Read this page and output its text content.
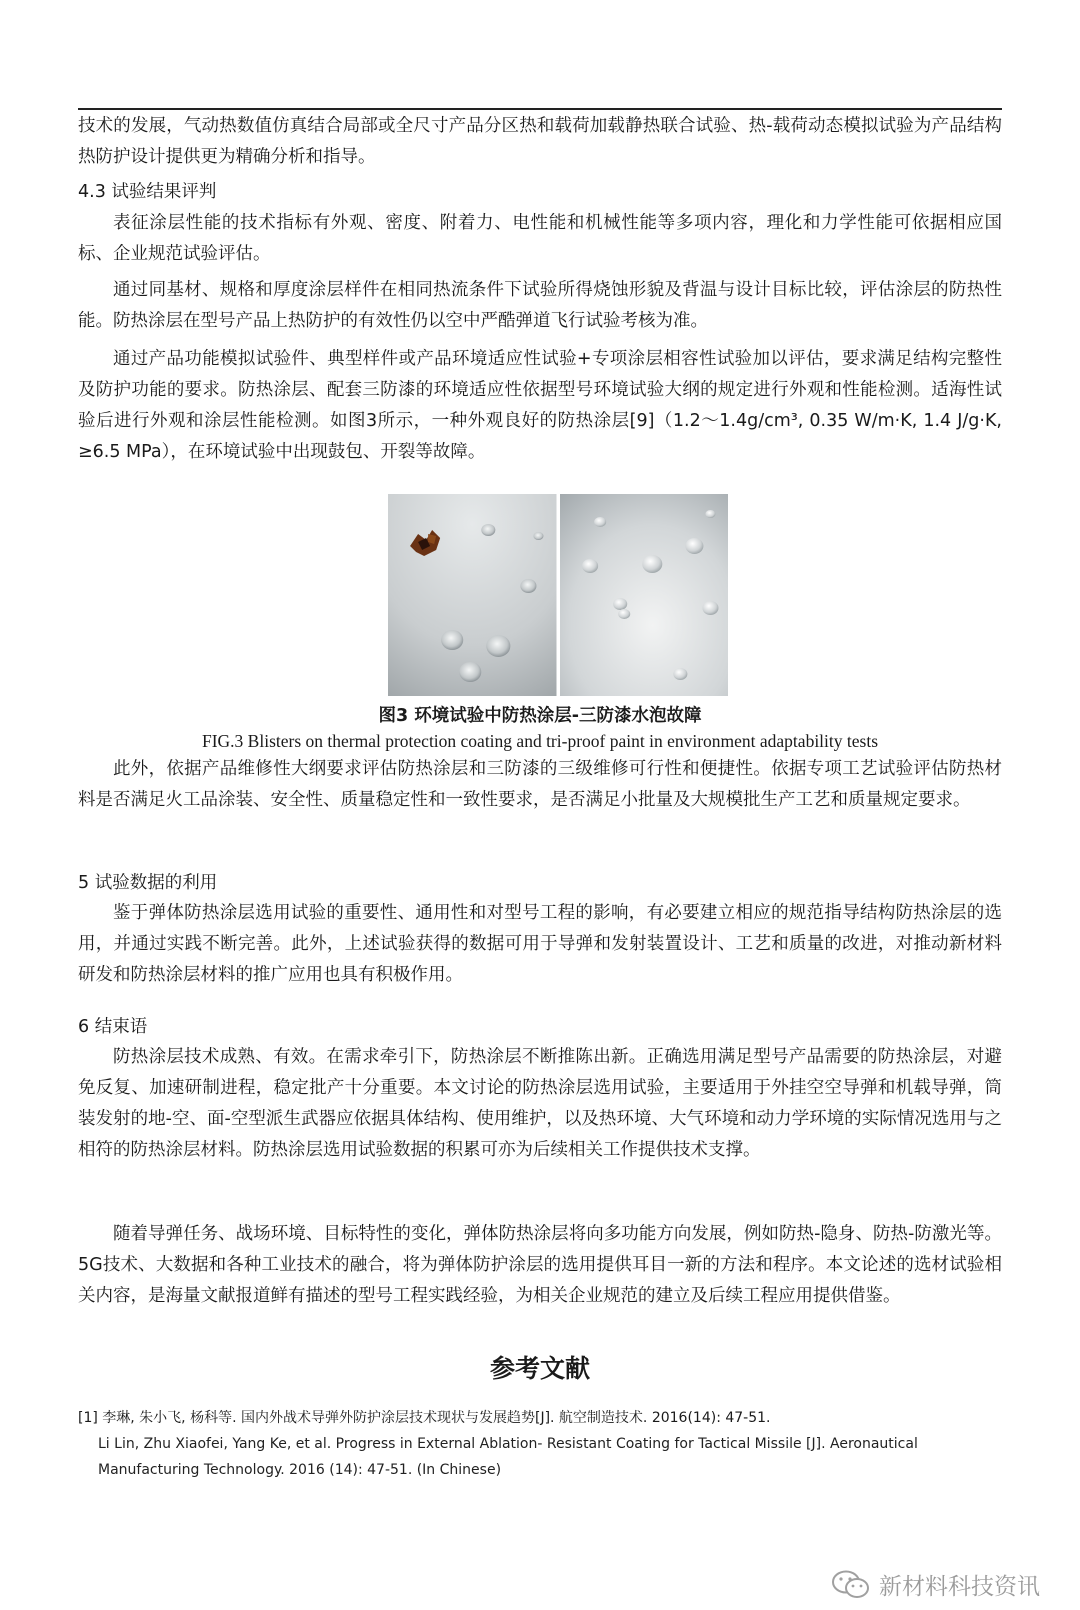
技术的发展，气动热数值仿真结合局部或全尺寸产品分区热和载荷加载静热联合试验、热-载荷动态模拟试验为产品结构热防护设计提供更为精确分析和指导。

4.3 试验结果评判

表征涂层性能的技术指标有外观、密度、附着力、电性能和机械性能等多项内容，理化和力学性能可依据相应国标、企业规范试验评估。

通过同基材、规格和厚度涂层样件在相同热流条件下试验所得烧蚀形貌及背温与设计目标比较，评估涂层的防热性能。防热涂层在型号产品上热防护的有效性仍以空中严酷弹道飞行试验考核为准。

通过产品功能模拟试验件、典型样件或产品环境适应性试验+专项涂层相容性试验加以评估，要求满足结构完整性及防护功能的要求。防热涂层、配套三防漆的环境适应性依据型号环境试验大纲的规定进行外观和性能检测。适海性试验后进行外观和涂层性能检测。如图3所示，一种外观良好的防热涂层[9]（1.2～1.4g/cm³, 0.35 W/m·K, 1.4 J/g·K, ≥6.5 MPa），在环境试验中出现鼓包、开裂等故障。

图3 环境试验中防热涂层-三防漆水泡故障

FIG.3 Blisters on thermal protection coating and tri-proof paint in environment adaptability tests

此外，依据产品维修性大纲要求评估防热涂层和三防漆的三级维修可行性和便捷性。依据专项工艺试验评估防热材料是否满足火工品涂装、安全性、质量稳定性和一致性要求，是否满足小批量及大规模批生产工艺和质量规定要求。

5 试验数据的利用

鉴于弹体防热涂层选用试验的重要性、通用性和对型号工程的影响，有必要建立相应的规范指导结构防热涂层的选用，并通过实践不断完善。此外，上述试验获得的数据可用于导弹和发射装置设计、工艺和质量的改进，对推动新材料研发和防热涂层材料的推广应用也具有积极作用。

6 结束语

防热涂层技术成熟、有效。在需求牵引下，防热涂层不断推陈出新。正确选用满足型号产品需要的防热涂层，对避免反复、加速研制进程，稳定批产十分重要。本文讨论的防热涂层选用试验，主要适用于外挂空空导弹和机载导弹，筒装发射的地-空、面-空型派生武器应依据具体结构、使用维护，以及热环境、大气环境和动力学环境的实际情况选用与之相符的防热涂层材料。防热涂层选用试验数据的积累可亦为后续相关工作提供技术支撑。

随着导弹任务、战场环境、目标特性的变化，弹体防热涂层将向多功能方向发展，例如防热-隐身、防热-防激光等。5G技术、大数据和各种工业技术的融合，将为弹体防护涂层的选用提供耳目一新的方法和程序。本文论述的选材试验相关内容，是海量文献报道鲜有描述的型号工程实践经验，为相关企业规范的建立及后续工程应用提供借鉴。

参考文献

[1] 李琳, 朱小飞, 杨科等. 国内外战术导弹外防护涂层技术现状与发展趋势[J]. 航空制造技术. 2016(14): 47-51.

Li Lin, Zhu Xiaofei, Yang Ke, et al. Progress in External Ablation- Resistant Coating for Tactical Missile [J]. Aeronautical Manufacturing Technology. 2016 (14): 47-51. (In Chinese)

新材料科技资讯
